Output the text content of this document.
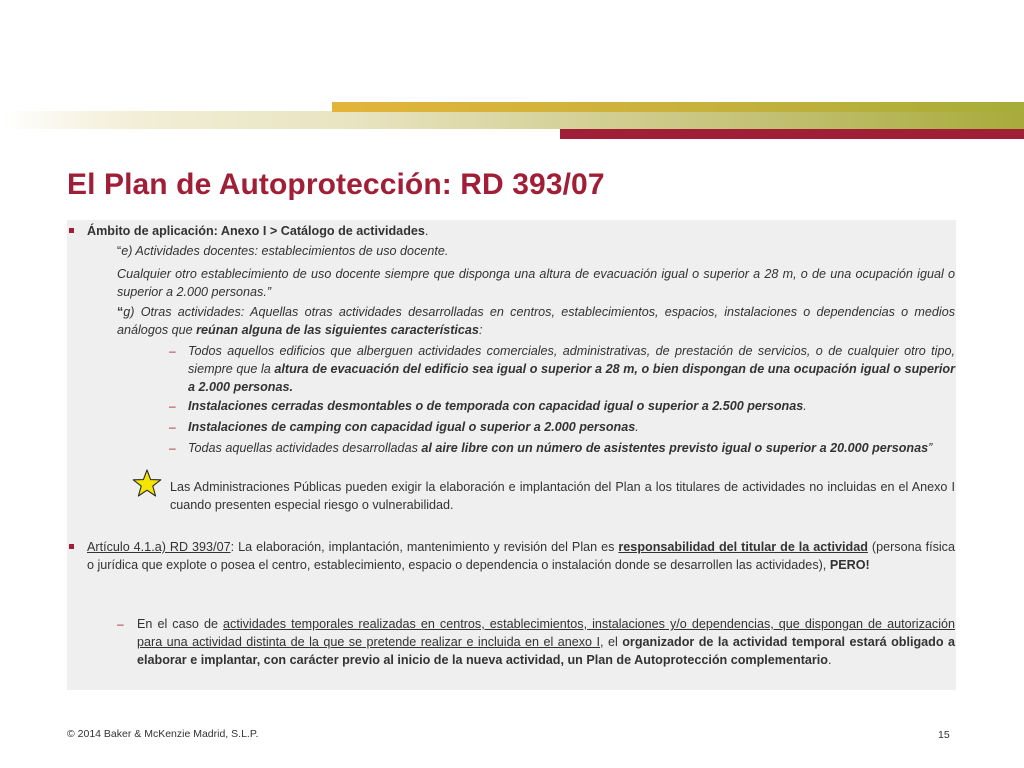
El Plan de Autoprotección: RD 393/07

Ámbito de aplicación: Anexo I > Catálogo de actividades.

“e) Actividades docentes: establecimientos de uso docente.

Cualquier otro establecimiento de uso docente siempre que disponga una altura de evacuación igual o superior a 28 m, o de una ocupación igual o superior a 2.000 personas.”

“g) Otras actividades: Aquellas otras actividades desarrolladas en centros, establecimientos, espacios, instalaciones o dependencias o medios análogos que reúnan alguna de las siguientes características:

– Todos aquellos edificios que alberguen actividades comerciales, administrativas, de prestación de servicios, o de cualquier otro tipo, siempre que la altura de evacuación del edificio sea igual o superior a 28 m, o bien dispongan de una ocupación igual o superior a 2.000 personas.

– Instalaciones cerradas desmontables o de temporada con capacidad igual o superior a 2.500 personas.

– Instalaciones de camping con capacidad igual o superior a 2.000 personas.

– Todas aquellas actividades desarrolladas al aire libre con un número de asistentes previsto igual o superior a 20.000 personas”

Las Administraciones Públicas pueden exigir la elaboración e implantación del Plan a los titulares de actividades no incluidas en el Anexo I cuando presenten especial riesgo o vulnerabilidad.

Artículo 4.1.a) RD 393/07: La elaboración, implantación, mantenimiento y revisión del Plan es responsabilidad del titular de la actividad (persona física o jurídica que explote o posea el centro, establecimiento, espacio o dependencia o instalación donde se desarrollen las actividades), PERO!

– En el caso de actividades temporales realizadas en centros, establecimientos, instalaciones y/o dependencias, que dispongan de autorización para una actividad distinta de la que se pretende realizar e incluida en el anexo I, el organizador de la actividad temporal estará obligado a elaborar e implantar, con carácter previo al inicio de la nueva actividad, un Plan de Autoprotección complementario.

© 2014 Baker & McKenzie Madrid, S.L.P.	15
